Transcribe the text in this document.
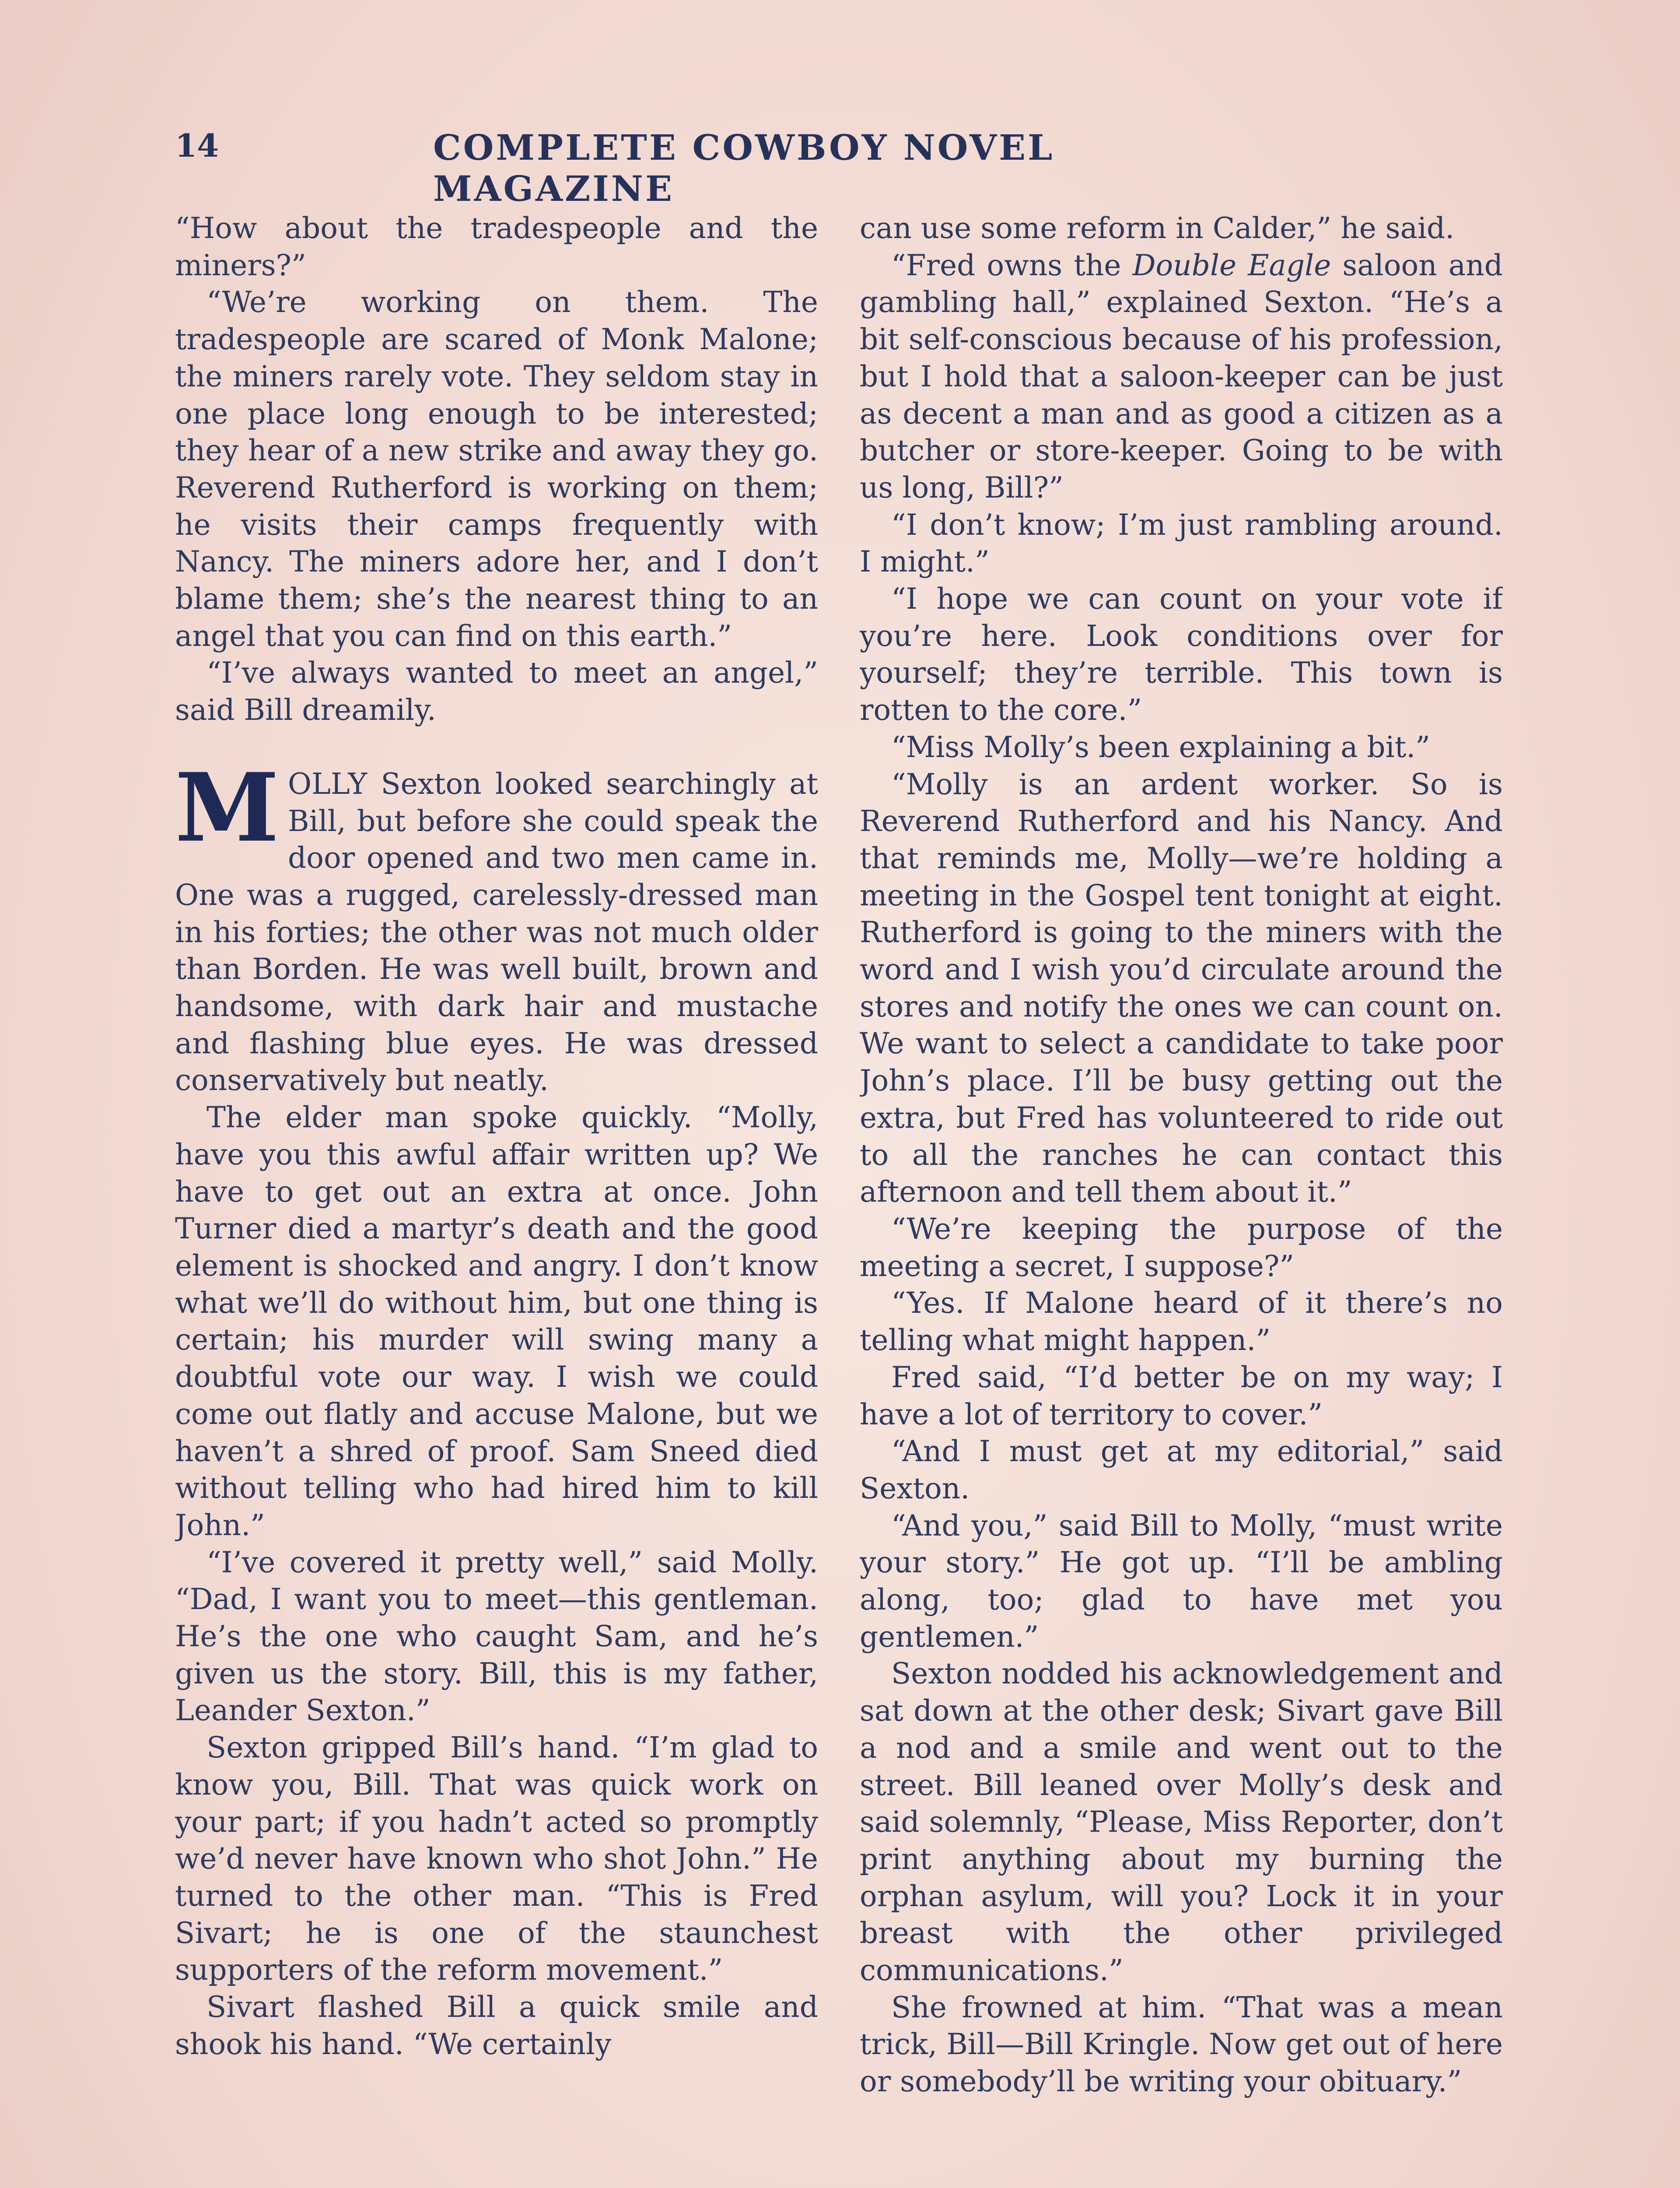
14	COMPLETE COWBOY NOVEL MAGAZINE

“How about the tradespeople and the miners?”

“We’re working on them. The tradespeople are scared of Monk Malone; the miners rarely vote. They seldom stay in one place long enough to be interested; they hear of a new strike and away they go. Reverend Rutherford is working on them; he visits their camps frequently with Nancy. The miners adore her, and I don’t blame them; she’s the nearest thing to an angel that you can find on this earth.”

“I’ve always wanted to meet an angel,” said Bill dreamily.

MOLLY Sexton looked searchingly at Bill, but before she could speak the door opened and two men came in. One was a rugged, carelessly-dressed man in his forties; the other was not much older than Borden. He was well built, brown and handsome, with dark hair and mustache and flashing blue eyes. He was dressed conservatively but neatly.

The elder man spoke quickly. “Molly, have you this awful affair written up? We have to get out an extra at once. John Turner died a martyr’s death and the good element is shocked and angry. I don’t know what we’ll do without him, but one thing is certain; his murder will swing many a doubtful vote our way. I wish we could come out flatly and accuse Malone, but we haven’t a shred of proof. Sam Sneed died without telling who had hired him to kill John.”

“I’ve covered it pretty well,” said Molly. “Dad, I want you to meet—this gentleman. He’s the one who caught Sam, and he’s given us the story. Bill, this is my father, Leander Sexton.”

Sexton gripped Bill’s hand. “I’m glad to know you, Bill. That was quick work on your part; if you hadn’t acted so promptly we’d never have known who shot John.” He turned to the other man. “This is Fred Sivart; he is one of the staunchest supporters of the reform movement.”

Sivart flashed Bill a quick smile and shook his hand. “We certainly

can use some reform in Calder,” he said.

“Fred owns the Double Eagle saloon and gambling hall,” explained Sexton. “He’s a bit self-conscious because of his profession, but I hold that a saloon-keeper can be just as decent a man and as good a citizen as a butcher or store-keeper. Going to be with us long, Bill?”

“I don’t know; I’m just rambling around. I might.”

“I hope we can count on your vote if you’re here. Look conditions over for yourself; they’re terrible. This town is rotten to the core.”

“Miss Molly’s been explaining a bit.”

“Molly is an ardent worker. So is Reverend Rutherford and his Nancy. And that reminds me, Molly—we’re holding a meeting in the Gospel tent tonight at eight. Rutherford is going to the miners with the word and I wish you’d circulate around the stores and notify the ones we can count on. We want to select a candidate to take poor John’s place. I’ll be busy getting out the extra, but Fred has volunteered to ride out to all the ranches he can contact this afternoon and tell them about it.”

“We’re keeping the purpose of the meeting a secret, I suppose?”

“Yes. If Malone heard of it there’s no telling what might happen.”

Fred said, “I’d better be on my way; I have a lot of territory to cover.”

“And I must get at my editorial,” said Sexton.

“And you,” said Bill to Molly, “must write your story.” He got up. “I’ll be ambling along, too; glad to have met you gentlemen.”

Sexton nodded his acknowledgement and sat down at the other desk; Sivart gave Bill a nod and a smile and went out to the street. Bill leaned over Molly’s desk and said solemnly, “Please, Miss Reporter, don’t print anything about my burning the orphan asylum, will you? Lock it in your breast with the other privileged communications.”

She frowned at him. “That was a mean trick, Bill—Bill Kringle. Now get out of here or somebody’ll be writing your obituary.”
